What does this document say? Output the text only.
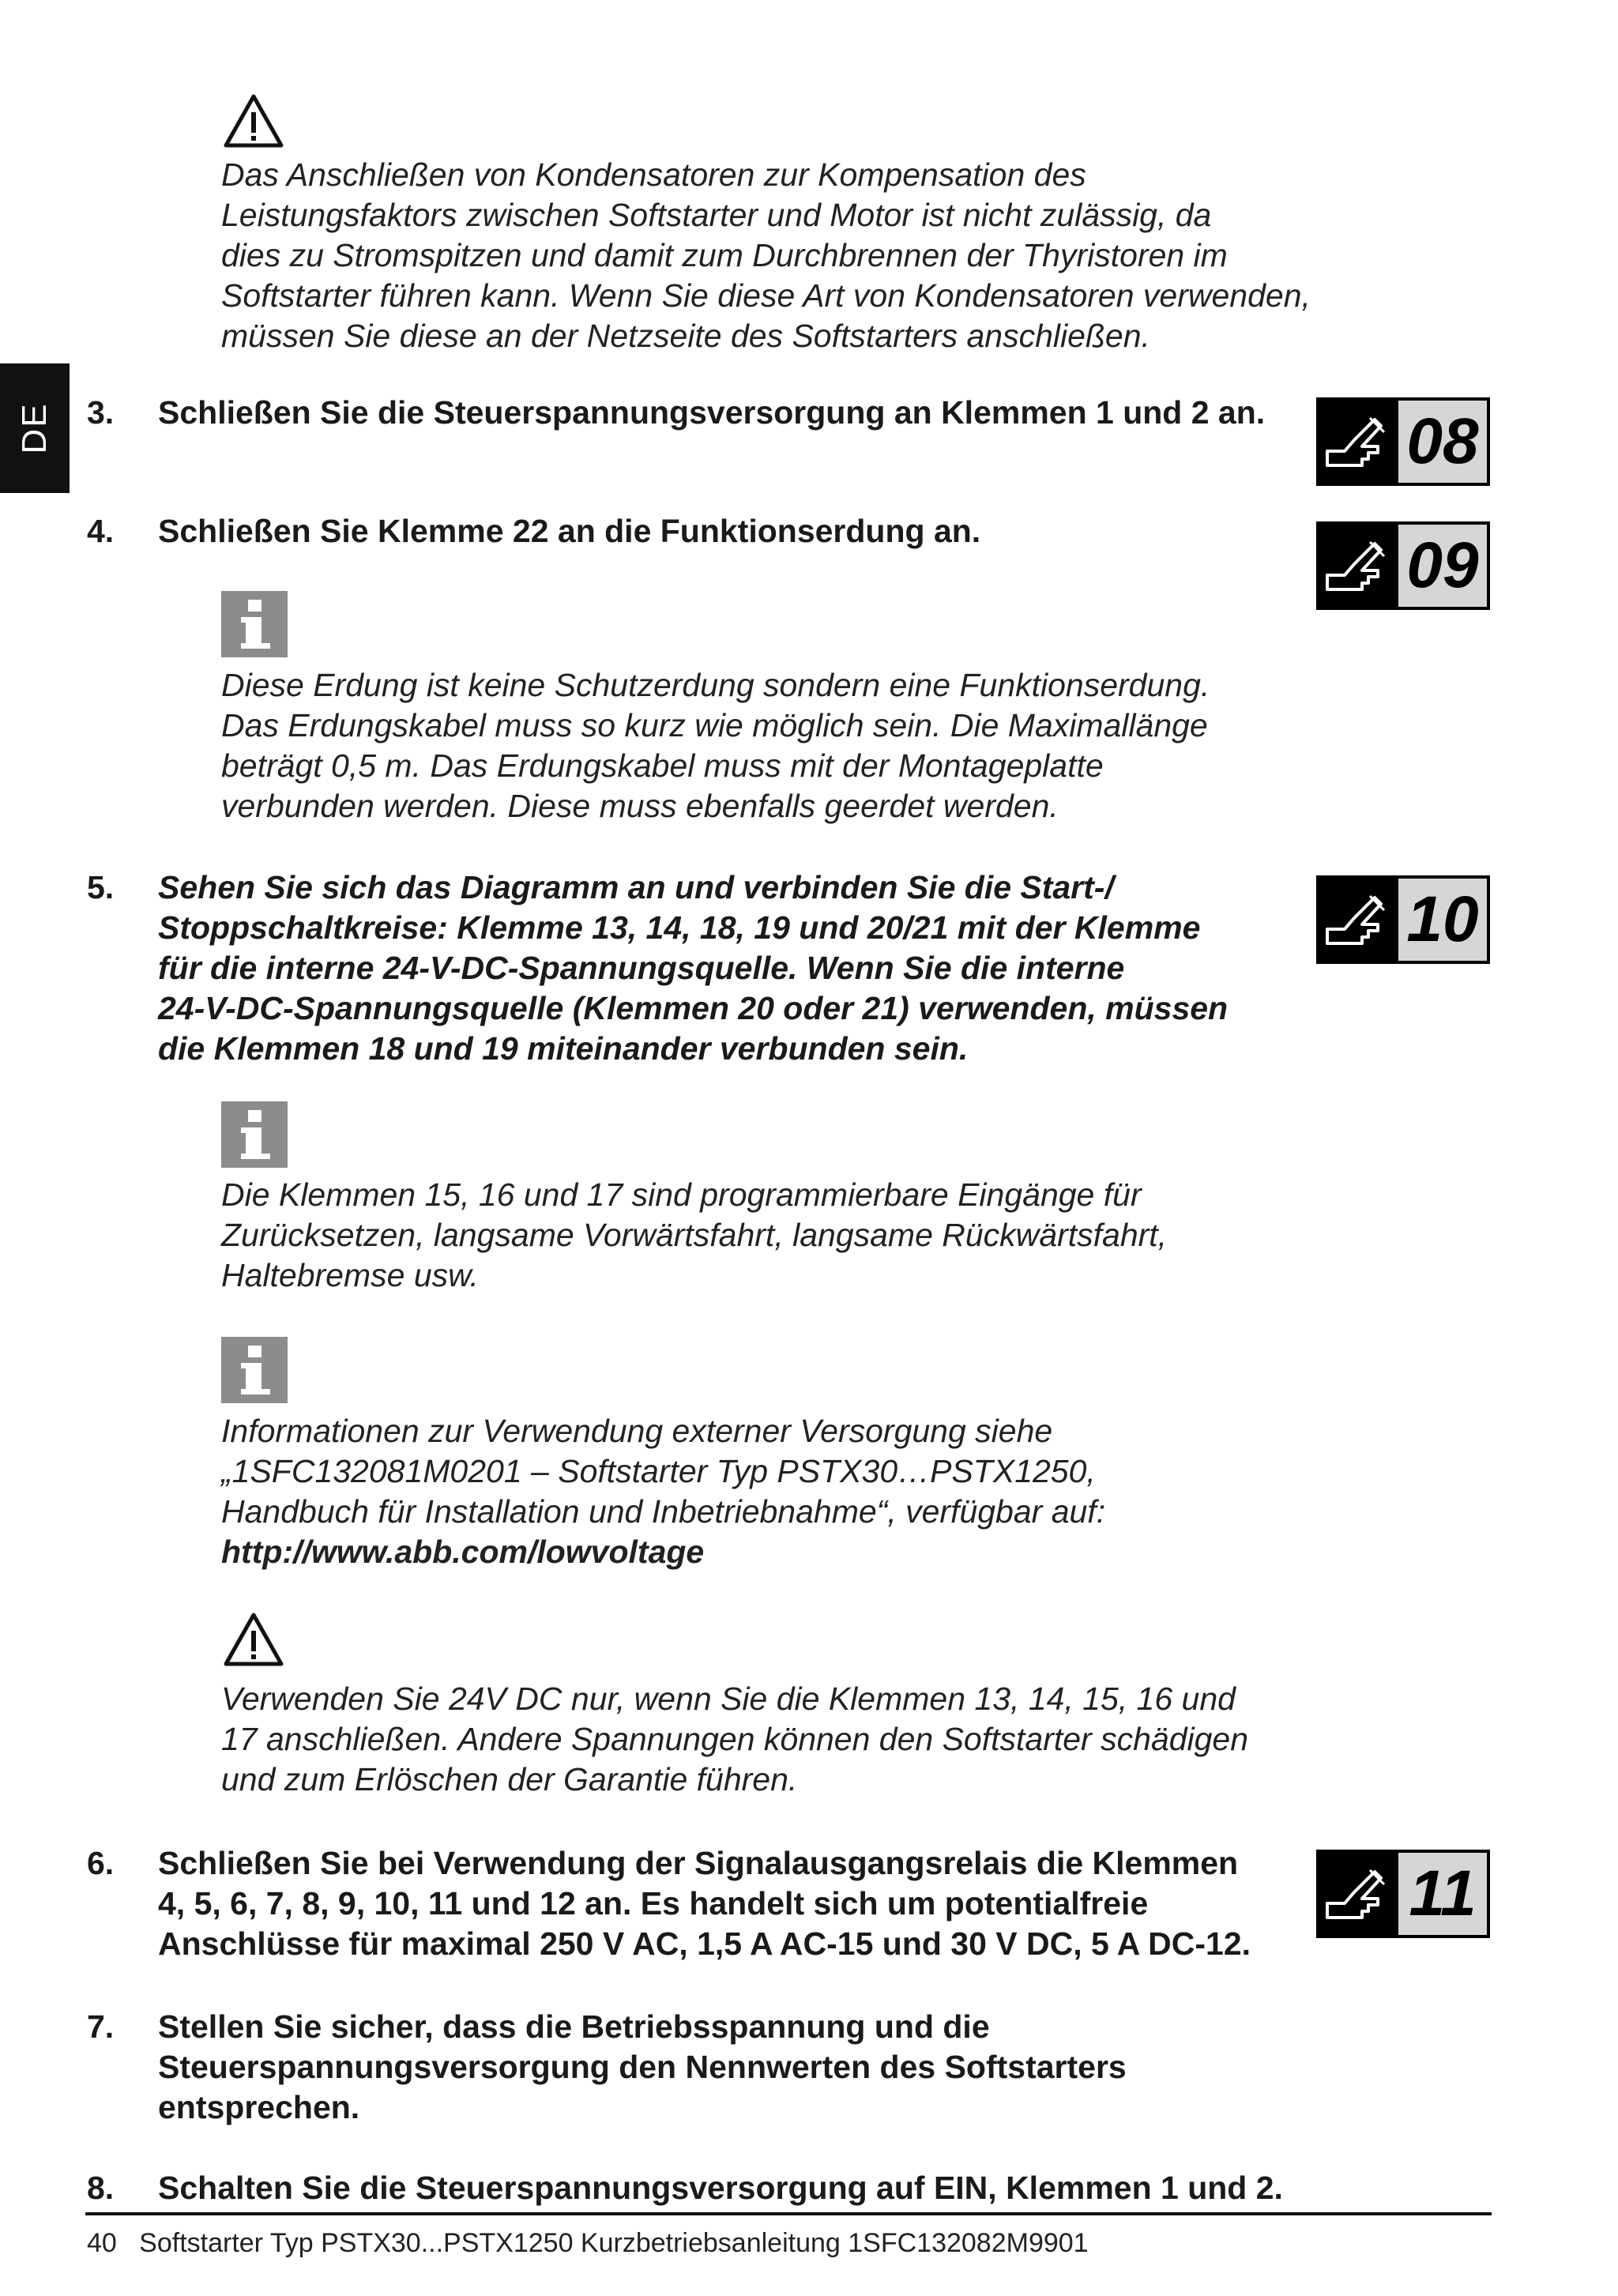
DE
Das Anschließen von Kondensatoren zur Kompensation des
Leistungsfaktors zwischen Softstarter und Motor ist nicht zulässig, da
dies zu Stromspitzen und damit zum Durchbrennen der Thyristoren im
Softstarter führen kann. Wenn Sie diese Art von Kondensatoren verwenden,
müssen Sie diese an der Netzseite des Softstarters anschließen.
3. Schließen Sie die Steuerspannungsversorgung an Klemmen 1 und 2 an. 08
4. Schließen Sie Klemme 22 an die Funktionserdung an.	09
Diese Erdung ist keine Schutzerdung sondern eine Funktionserdung.
Das Erdungskabel muss so kurz wie möglich sein. Die Maximallänge
beträgt 0,5 m. Das Erdungskabel muss mit der Montageplatte
verbunden werden. Diese muss ebenfalls geerdet werden.
5. Sehen Sie sich das Diagramm an und verbinden Sie die Start-/
Stoppschaltkreise: Klemme 13, 14, 18, 19 und 20/21 mit der Klemme
für die interne 24-V-DC-Spannungsquelle. Wenn Sie die interne
24-V-DC-Spannungsquelle (Klemmen 20 oder 21) verwenden, müssen
die Klemmen 18 und 19 miteinander verbunden sein.
10
Die Klemmen 15, 16 und 17 sind programmierbare Eingänge für
Zurücksetzen, langsame Vorwärtsfahrt, langsame Rückwärtsfahrt,
Haltebremse usw.
Informationen zur Verwendung externer Versorgung siehe
„1SFC132081M0201 – Softstarter Typ PSTX30…PSTX1250,
Handbuch für Installation und Inbetriebnahme“, verfügbar auf:
http://www.abb.com/lowvoltage
Verwenden Sie 24V DC nur, wenn Sie die Klemmen 13, 14, 15, 16 und
17 anschließen. Andere Spannungen können den Softstarter schädigen
und zum Erlöschen der Garantie führen.
6. Schließen Sie bei Verwendung der Signalausgangsrelais die Klemmen
4, 5, 6, 7, 8, 9, 10, 11 und 12 an. Es handelt sich um potentialfreie
Anschlüsse für maximal 250 V AC, 1,5 A AC-15 und 30 V DC, 5 A DC-12.
11
7. Stellen Sie sicher, dass die Betriebsspannung und die
Steuerspannungsversorgung den Nennwerten des Softstarters
entsprechen.
8. Schalten Sie die Steuerspannungsversorgung auf EIN, Klemmen 1 und 2.
40 Softstarter Typ PSTX30...PSTX1250 Kurzbetriebsanleitung 1SFC132082M9901
